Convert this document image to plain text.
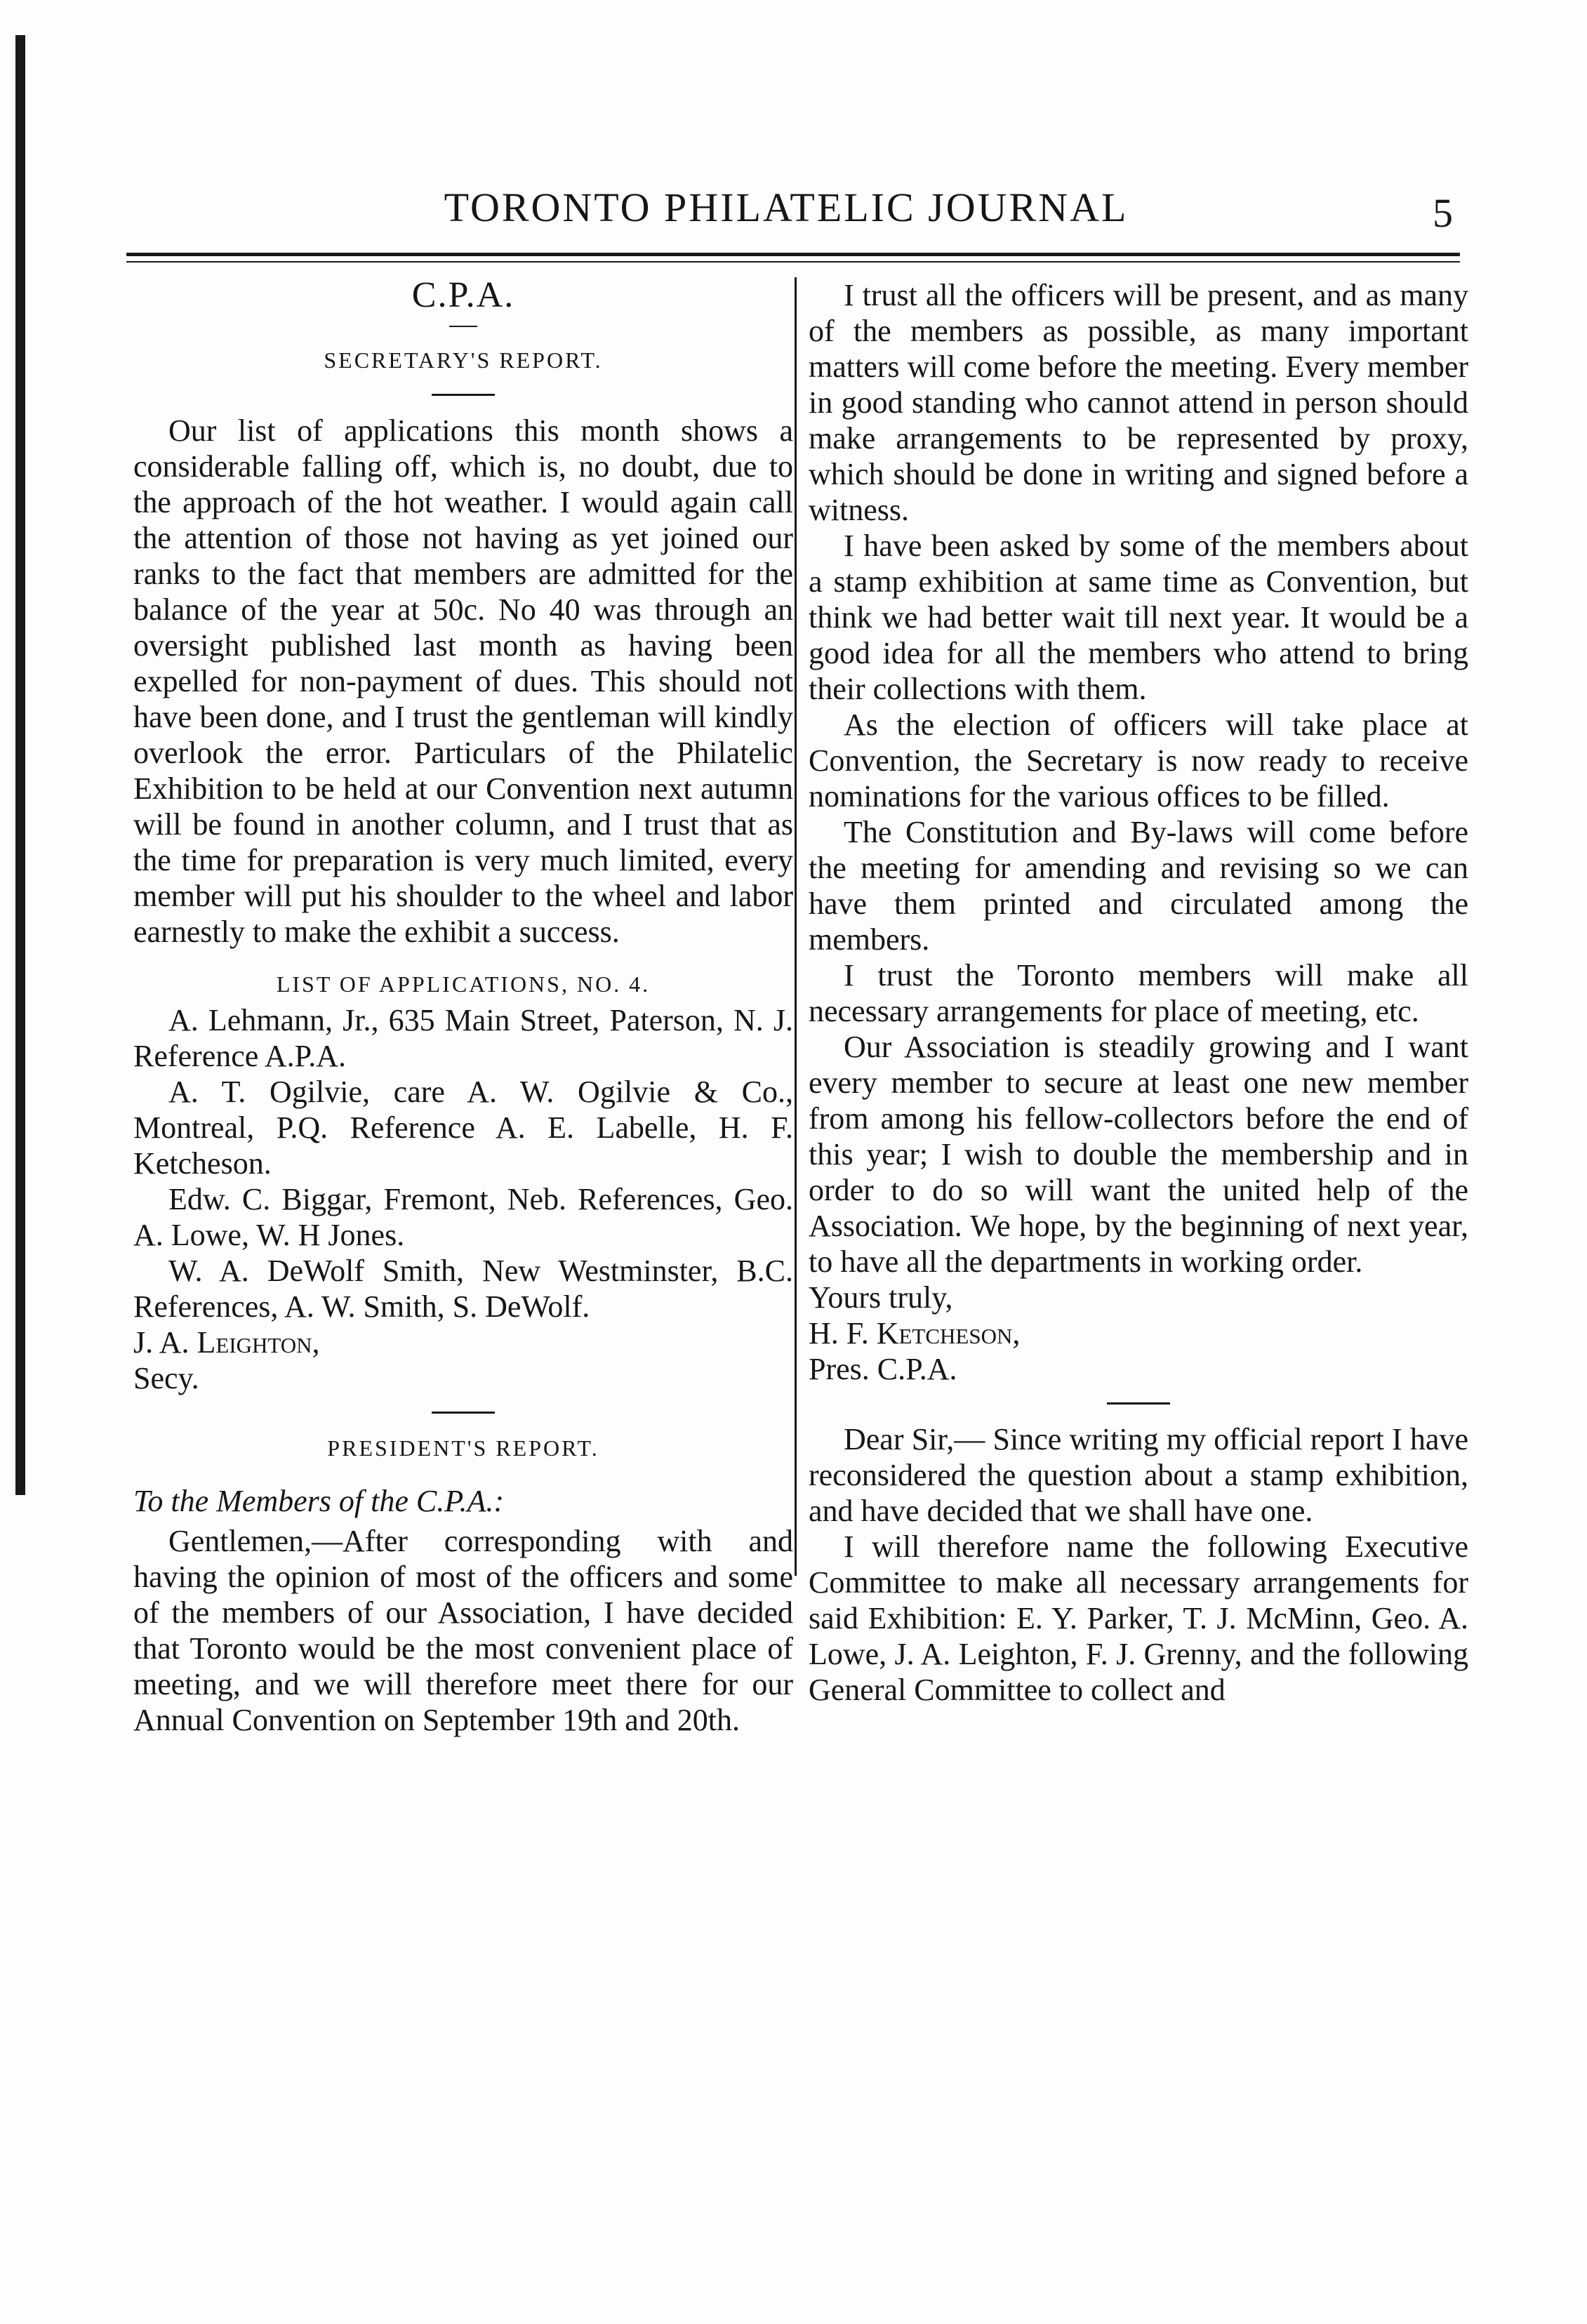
TORONTO PHILATELIC JOURNAL	5
C.P.A.
SECRETARY'S REPORT.

Our list of applications this month shows a considerable falling off, which is, no doubt, due to the approach of the hot weather. I would again call the attention of those not having as yet joined our ranks to the fact that members are admitted for the balance of the year at 50c. No 40 was through an oversight published last month as having been expelled for non-payment of dues. This should not have been done, and I trust the gentleman will kindly overlook the error. Particulars of the Philatelic Exhibition to be held at our Convention next autumn will be found in another column, and I trust that as the time for preparation is very much limited, every member will put his shoulder to the wheel and labor earnestly to make the exhibit a success.

LIST OF APPLICATIONS, NO. 4.

A. Lehmann, Jr., 635 Main Street, Paterson, N. J. Reference A.P.A.

A. T. Ogilvie, care A. W. Ogilvie & Co., Montreal, P.Q. Reference A. E. Labelle, H. F. Ketcheson.

Edw. C. Biggar, Fremont, Neb. References, Geo. A. Lowe, W. H Jones.

W. A. DeWolf Smith, New Westminster, B.C. References, A. W. Smith, S. DeWolf.

J. A. Leighton,

Secy.

PRESIDENT'S REPORT.

To the Members of the C.P.A.:

Gentlemen,—After corresponding with and having the opinion of most of the officers and some of the members of our Association, I have decided that Toronto would be the most convenient place of meeting, and we will therefore meet there for our Annual Convention on September 19th and 20th.

I trust all the officers will be present, and as many of the members as possible, as many important matters will come before the meeting. Every member in good standing who cannot attend in person should make arrangements to be represented by proxy, which should be done in writing and signed before a witness.

I have been asked by some of the members about a stamp exhibition at same time as Convention, but think we had better wait till next year. It would be a good idea for all the members who attend to bring their collections with them.

As the election of officers will take place at Convention, the Secretary is now ready to receive nominations for the various offices to be filled.

The Constitution and By-laws will come before the meeting for amending and revising so we can have them printed and circulated among the members.

I trust the Toronto members will make all necessary arrangements for place of meeting, etc.

Our Association is steadily growing and I want every member to secure at least one new member from among his fellow-collectors before the end of this year; I wish to double the membership and in order to do so will want the united help of the Association. We hope, by the beginning of next year, to have all the departments in working order.

Yours truly,

H. F. Ketcheson,

Pres. C.P.A.

Dear Sir,— Since writing my official report I have reconsidered the question about a stamp exhibition, and have decided that we shall have one.

I will therefore name the following Executive Committee to make all necessary arrangements for said Exhibition: E. Y. Parker, T. J. McMinn, Geo. A. Lowe, J. A. Leighton, F. J. Grenny, and the following General Committee to collect and
